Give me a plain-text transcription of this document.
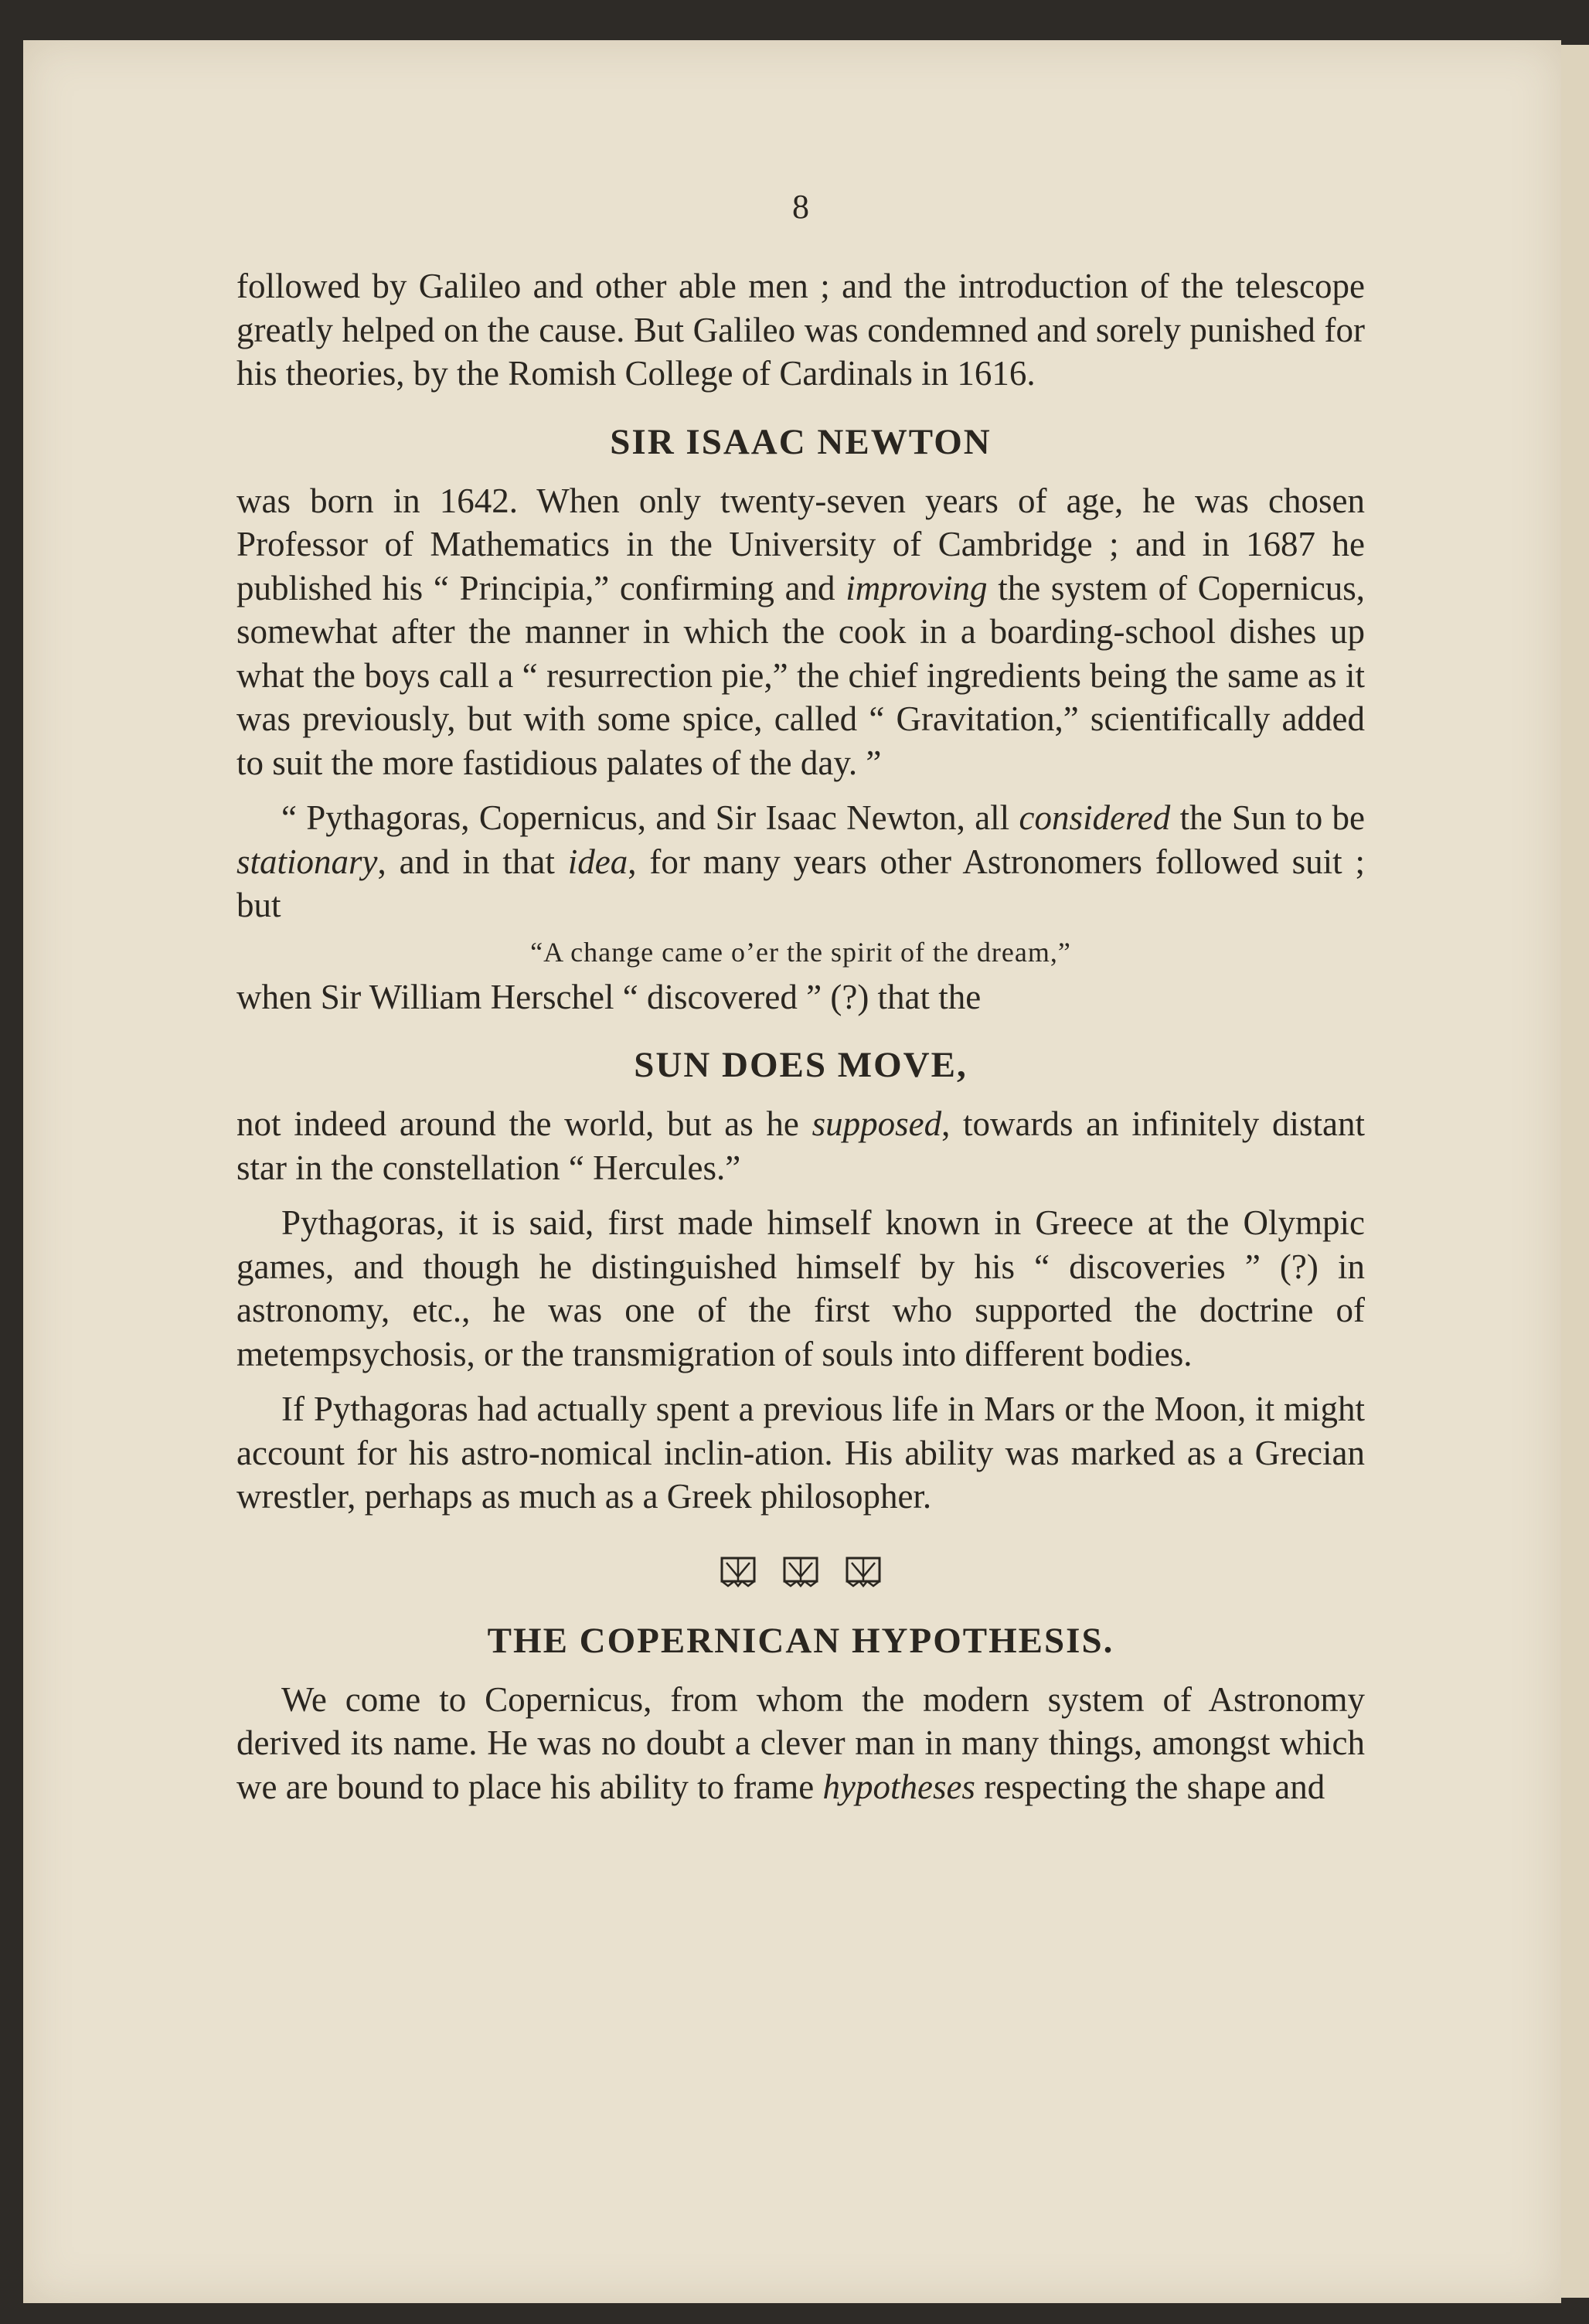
8

followed by Galileo and other able men ; and the introduction of the telescope greatly helped on the cause. But Galileo was condemned and sorely punished for his theories, by the Romish College of Cardinals in 1616.

SIR ISAAC NEWTON

was born in 1642. When only twenty-seven years of age, he was chosen Professor of Mathematics in the University of Cambridge ; and in 1687 he published his “ Principia,” confirming and improving the system of Copernicus, somewhat after the manner in which the cook in a boarding-school dishes up what the boys call a “ resurrection pie,” the chief ingredients being the same as it was previously, but with some spice, called “ Gravitation,” scientifically added to suit the more fastidious palates of the day. ”

“ Pythagoras, Copernicus, and Sir Isaac Newton, all considered the Sun to be stationary, and in that idea, for many years other Astronomers followed suit ; but

“A change came o’er the spirit of the dream,”

when Sir William Herschel “ discovered ” (?) that the

SUN DOES MOVE,

not indeed around the world, but as he supposed, towards an infinitely distant star in the constellation “ Hercules.”

Pythagoras, it is said, first made himself known in Greece at the Olympic games, and though he distinguished himself by his “ discoveries ” (?) in astronomy, etc., he was one of the first who supported the doctrine of metempsychosis, or the transmigration of souls into different bodies.

If Pythagoras had actually spent a previous life in Mars or the Moon, it might account for his astro-nomical inclin-ation. His ability was marked as a Grecian wrestler, perhaps as much as a Greek philosopher.

THE COPERNICAN HYPOTHESIS.

We come to Copernicus, from whom the modern system of Astronomy derived its name. He was no doubt a clever man in many things, amongst which we are bound to place his ability to frame hypotheses respecting the shape and
